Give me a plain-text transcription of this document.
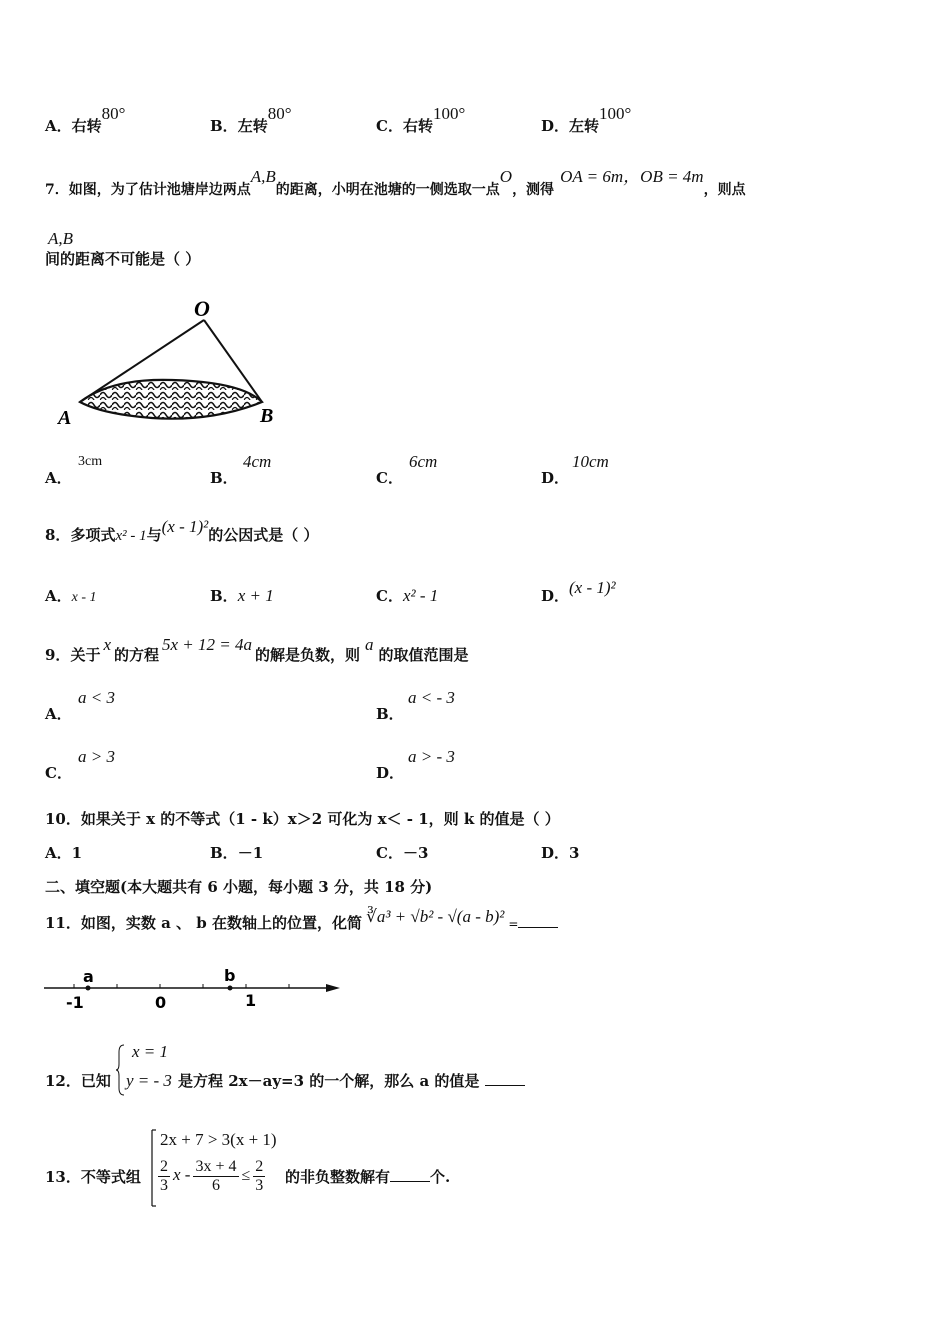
A．右转80°
B．左转80°
C．右转100°
D．左转100°
7．如图，为了估计池塘岸边两点A,B的距离，小明在池塘的一侧选取一点O，测得OA = 6m，OB = 4m，则点
A,B间的距离不可能是（ ）
O
A	B
A．
3cm
B．
4cm
C．
6cm
D．
10cm
8．多项式x² - 1与(x - 1)²的公因式是（ ）
A．x - 1	B．x + 1	C．x² - 1	D．(x - 1)²
9．关于x的方程5x + 12 = 4a的解是负数，则a的取值范围是
A．
a < 3
B．
a < - 3
C．
a > 3
D．
a > - 3
10．如果关于 x 的不等式（1 - k）x＞2 可化为 x＜ - 1，则 k 的值是（ ）
A．1	B．－1	C．－3	D．3
二、填空题(本大题共有 6 小题，每小题 3 分，共 18 分)
11．如图，实数 a 、 b 在数轴上的位置，化简 ∛a³ + √b² - √(a - b)² =
a	b
-1	0	1
12．已知
x = 1
y = - 3 是方程 2x－ay=3 的一个解，那么 a 的值是
13．不等式组
2x + 7 > 3(x + 1)
$\frac{2}{3}$ $x - \frac{3x + 4}{6} \le \frac{2}{3}$ 的非负整数解有	个.
